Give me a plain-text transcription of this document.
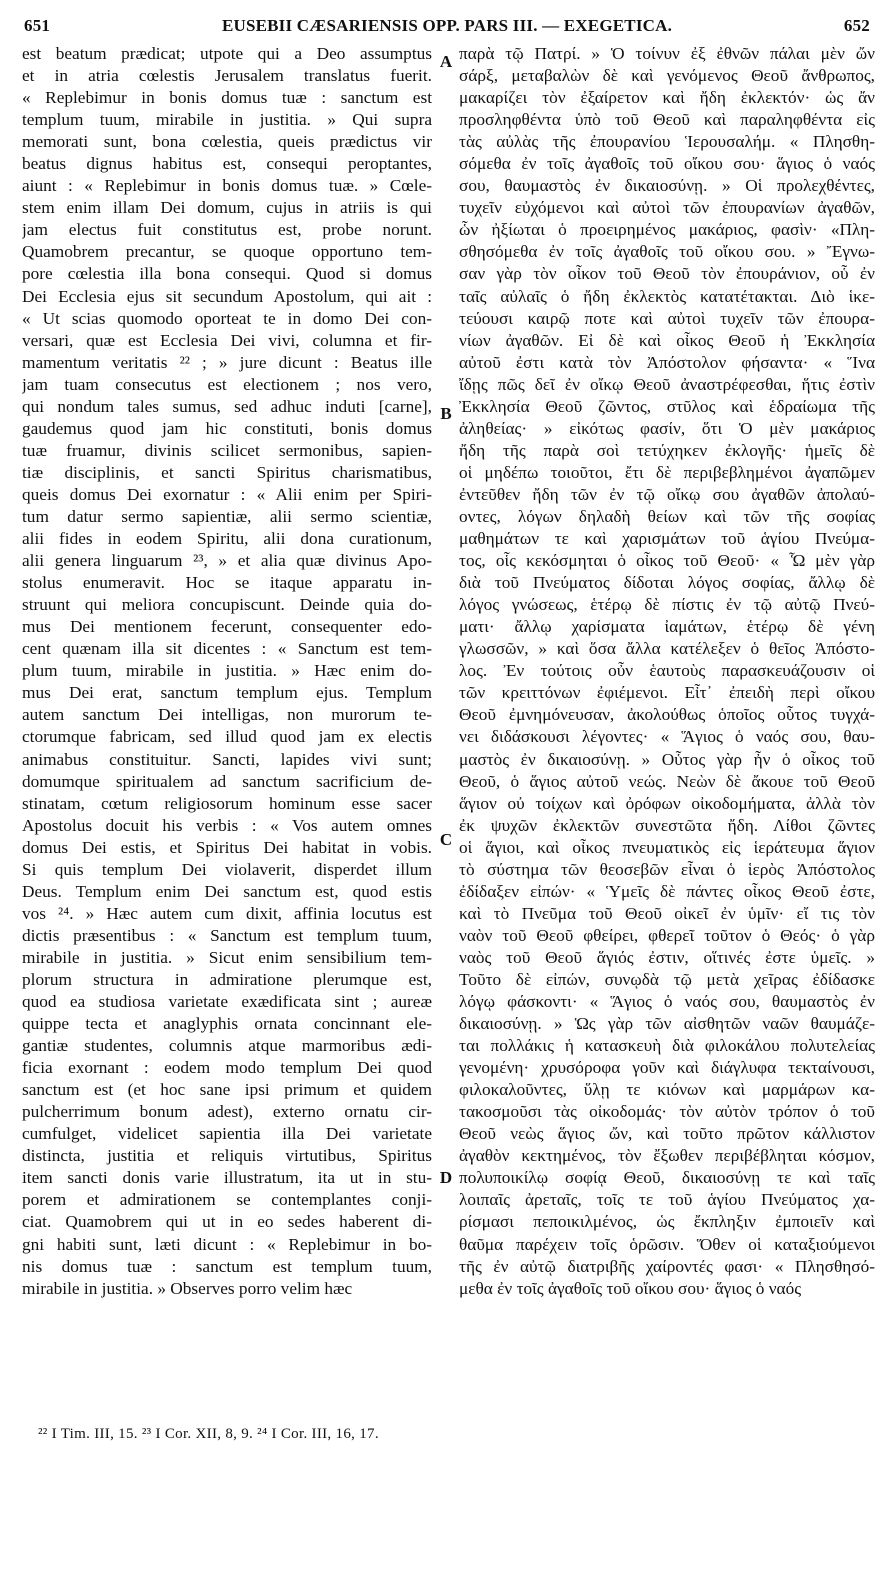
651	EUSEBII CÆSARIENSIS OPP. PARS III. — EXEGETICA.	652
est beatum prædicat; utpote qui a Deo assumptus
et in atria cœlestis Jerusalem translatus fuerit.
« Replebimur in bonis domus tuæ : sanctum est
templum tuum, mirabile in justitia. » Qui supra
memorati sunt, bona cœlestia, queis prædictus vir
beatus dignus habitus est, consequi peroptantes,
aiunt : « Replebimur in bonis domus tuæ. » Cœle-
stem enim illam Dei domum, cujus in atriis is qui
jam electus fuit constitutus est, probe norunt.
Quamobrem precantur, se quoque opportuno tem-
pore cœlestia illa bona consequi. Quod si domus
Dei Ecclesia ejus sit secundum Apostolum, qui ait :
« Ut scias quomodo oporteat te in domo Dei con-
versari, quæ est Ecclesia Dei vivi, columna et fir-
mamentum veritatis ²² ; » jure dicunt : Beatus ille
jam tuam consecutus est electionem ; nos vero,
qui nondum tales sumus, sed adhuc induti [carne],
gaudemus quod jam hic constituti, bonis domus
tuæ fruamur, divinis scilicet sermonibus, sapien-
tiæ disciplinis, et sancti Spiritus charismatibus,
queis domus Dei exornatur : « Alii enim per Spiri-
tum datur sermo sapientiæ, alii sermo scientiæ,
alii fides in eodem Spiritu, alii dona curationum,
alii genera linguarum ²³, » et alia quæ divinus Apo-
stolus enumeravit. Hoc se itaque apparatu in-
struunt qui meliora concupiscunt. Deinde quia do-
mus Dei mentionem fecerunt, consequenter edo-
cent quænam illa sit dicentes : « Sanctum est tem-
plum tuum, mirabile in justitia. » Hæc enim do-
mus Dei erat, sanctum templum ejus. Templum
autem sanctum Dei intelligas, non murorum te-
ctorumque fabricam, sed illud quod jam ex electis
animabus constituitur. Sancti, lapides vivi sunt;
domumque spiritualem ad sanctum sacrificium de-
stinatam, cœtum religiosorum hominum esse sacer
Apostolus docuit his verbis : « Vos autem omnes
domus Dei estis, et Spiritus Dei habitat in vobis.
Si quis templum Dei violaverit, disperdet illum
Deus. Templum enim Dei sanctum est, quod estis
vos ²⁴. » Hæc autem cum dixit, affinia locutus est
dictis præsentibus : « Sanctum est templum tuum,
mirabile in justitia. » Sicut enim sensibilium tem-
plorum structura in admiratione plerumque est,
quod ea studiosa varietate exædificata sint ; aureæ
quippe tecta et anaglyphis ornata concinnant ele-
gantiæ studentes, columnis atque marmoribus ædi-
ficia exornant : eodem modo templum Dei quod
sanctum est (et hoc sane ipsi primum et quidem
pulcherrimum bonum adest), externo ornatu cir-
cumfulget, videlicet sapientia illa Dei varietate
distincta, justitia et reliquis virtutibus, Spiritus
item sancti donis varie illustratum, ita ut in stu-
porem et admirationem se contemplantes conji-
ciat. Quamobrem qui ut in eo sedes haberent di-
gni habiti sunt, læti dicunt : « Replebimur in bo-
nis domus tuæ : sanctum est templum tuum,
mirabile in justitia. » Observes porro velim hæc
παρὰ τῷ Πατρί. » Ὁ τοίνυν ἐξ ἐθνῶν πάλαι μὲν ὤν
σάρξ, μεταβαλὼν δὲ καὶ γενόμενος Θεοῦ ἄνθρωπος,
μακαρίζει τὸν ἐξαίρετον καὶ ἤδη ἐκλεκτόν· ὡς ἄν
προσληφθέντα ὑπὸ τοῦ Θεοῦ καὶ παραληφθέντα εἰς
τὰς αὐλὰς τῆς ἐπουρανίου Ἱερουσαλήμ. « Πλησθη-
σόμεθα ἐν τοῖς ἀγαθοῖς τοῦ οἴκου σου· ἅγιος ὁ ναός
σου, θαυμαστὸς ἐν δικαιοσύνῃ. » Οἱ προλεχθέντες,
τυχεῖν εὐχόμενοι καὶ αὐτοὶ τῶν ἐπουρανίων ἀγαθῶν,
ὧν ἠξίωται ὁ προειρημένος μακάριος, φασὶν· «Πλη-
σθησόμεθα ἐν τοῖς ἀγαθοῖς τοῦ οἴκου σου. » Ἔγνω-
σαν γὰρ τὸν οἶκον τοῦ Θεοῦ τὸν ἐπουράνιον, οὗ ἐν
ταῖς αὐλαῖς ὁ ἤδη ἐκλεκτὸς κατατέτακται. Διὸ ἱκε-
τεύουσι καιρῷ ποτε καὶ αὐτοὶ τυχεῖν τῶν ἐπουρα-
νίων ἀγαθῶν. Εἰ δὲ καὶ οἶκος Θεοῦ ἡ Ἐκκλησία
αὐτοῦ ἐστι κατὰ τὸν Ἀπόστολον φήσαντα· « Ἵνα
ἴδῃς πῶς δεῖ ἐν οἴκῳ Θεοῦ ἀναστρέφεσθαι, ἥτις ἐστὶν
Ἐκκλησία Θεοῦ ζῶντος, στῦλος καὶ ἑδραίωμα τῆς
ἀληθείας· » εἰκότως φασίν, ὅτι Ὁ μὲν μακάριος
ἤδη τῆς παρὰ σοὶ τετύχηκεν ἐκλογῆς· ἡμεῖς δὲ
οἱ μηδέπω τοιοῦτοι, ἔτι δὲ περιβεβλημένοι ἀγαπῶμεν
ἐντεῦθεν ἤδη τῶν ἐν τῷ οἴκῳ σου ἀγαθῶν ἀπολαύ-
οντες, λόγων δηλαδὴ θείων καὶ τῶν τῆς σοφίας
μαθημάτων τε καὶ χαρισμάτων τοῦ ἁγίου Πνεύμα-
τος, οἷς κεκόσμηται ὁ οἶκος τοῦ Θεοῦ· « Ὧ μὲν γὰρ
διὰ τοῦ Πνεύματος δίδοται λόγος σοφίας, ἄλλῳ δὲ
λόγος γνώσεως, ἑτέρῳ δὲ πίστις ἐν τῷ αὐτῷ Πνεύ-
ματι· ἄλλῳ χαρίσματα ἰαμάτων, ἑτέρῳ δὲ γένη
γλωσσῶν, » καὶ ὅσα ἄλλα κατέλεξεν ὁ θεῖος Ἀπόστο-
λος. Ἐν τούτοις οὖν ἑαυτοὺς παρασκευάζουσιν οἱ
τῶν κρειττόνων ἐφιέμενοι. Εἶτ᾽ ἐπειδὴ περὶ οἴκου
Θεοῦ ἐμνημόνευσαν, ἀκολούθως ὁποῖος οὗτος τυγχά-
νει διδάσκουσι λέγοντες· « Ἅγιος ὁ ναός σου, θαυ-
μαστὸς ἐν δικαιοσύνῃ. » Οὗτος γὰρ ἦν ὁ οἶκος τοῦ
Θεοῦ, ὁ ἅγιος αὐτοῦ νεώς. Νεὼν δὲ ἄκουε τοῦ Θεοῦ
ἅγιον οὐ τοίχων καὶ ὀρόφων οἰκοδομήματα, ἀλλὰ τὸν
ἐκ ψυχῶν ἐκλεκτῶν συνεστῶτα ἤδη. Λίθοι ζῶντες
οἱ ἅγιοι, καὶ οἶκος πνευματικὸς εἰς ἱεράτευμα ἅγιον
τὸ σύστημα τῶν θεοσεβῶν εἶναι ὁ ἱερὸς Ἀπόστολος
ἐδίδαξεν εἰπών· « Ὑμεῖς δὲ πάντες οἶκος Θεοῦ ἐστε,
καὶ τὸ Πνεῦμα τοῦ Θεοῦ οἰκεῖ ἐν ὑμῖν· εἴ τις τὸν
ναὸν τοῦ Θεοῦ φθείρει, φθερεῖ τοῦτον ὁ Θεός· ὁ γὰρ
ναὸς τοῦ Θεοῦ ἅγιός ἐστιν, οἵτινές ἐστε ὑμεῖς. »
Τοῦτο δὲ εἰπών, συνῳδὰ τῷ μετὰ χεῖρας ἐδίδασκε
λόγῳ φάσκοντι· « Ἅγιος ὁ ναός σου, θαυμαστὸς ἐν
δικαιοσύνῃ. » Ὡς γὰρ τῶν αἰσθητῶν ναῶν θαυμάζε-
ται πολλάκις ἡ κατασκευὴ διὰ φιλοκάλου πολυτελείας
γενομένη· χρυσόροφα γοῦν καὶ διάγλυφα τεκταίνουσι,
φιλοκαλοῦντες, ὕλῃ τε κιόνων καὶ μαρμάρων κα-
τακοσμοῦσι τὰς οἰκοδομάς· τὸν αὐτὸν τρόπον ὁ τοῦ
Θεοῦ νεὼς ἅγιος ὤν, καὶ τοῦτο πρῶτον κάλλιστον
ἀγαθὸν κεκτημένος, τὸν ἔξωθεν περιβέβληται κόσμον,
πολυποικίλῳ σοφίᾳ Θεοῦ, δικαιοσύνῃ τε καὶ ταῖς
λοιπαῖς ἀρεταῖς, τοῖς τε τοῦ ἁγίου Πνεύματος χα-
ρίσμασι πεποικιλμένος, ὡς ἔκπληξιν ἐμποιεῖν καὶ
θαῦμα παρέχειν τοῖς ὁρῶσιν. Ὅθεν οἱ καταξιούμενοι
τῆς ἐν αὐτῷ διατριβῆς χαίροντές φασι· « Πλησθησό-
μεθα ἐν τοῖς ἀγαθοῖς τοῦ οἴκου σου· ἅγιος ὁ ναός
A
B
C
D
²² I Tim. III, 15. ²³ I Cor. XII, 8, 9. ²⁴ I Cor. III, 16, 17.
